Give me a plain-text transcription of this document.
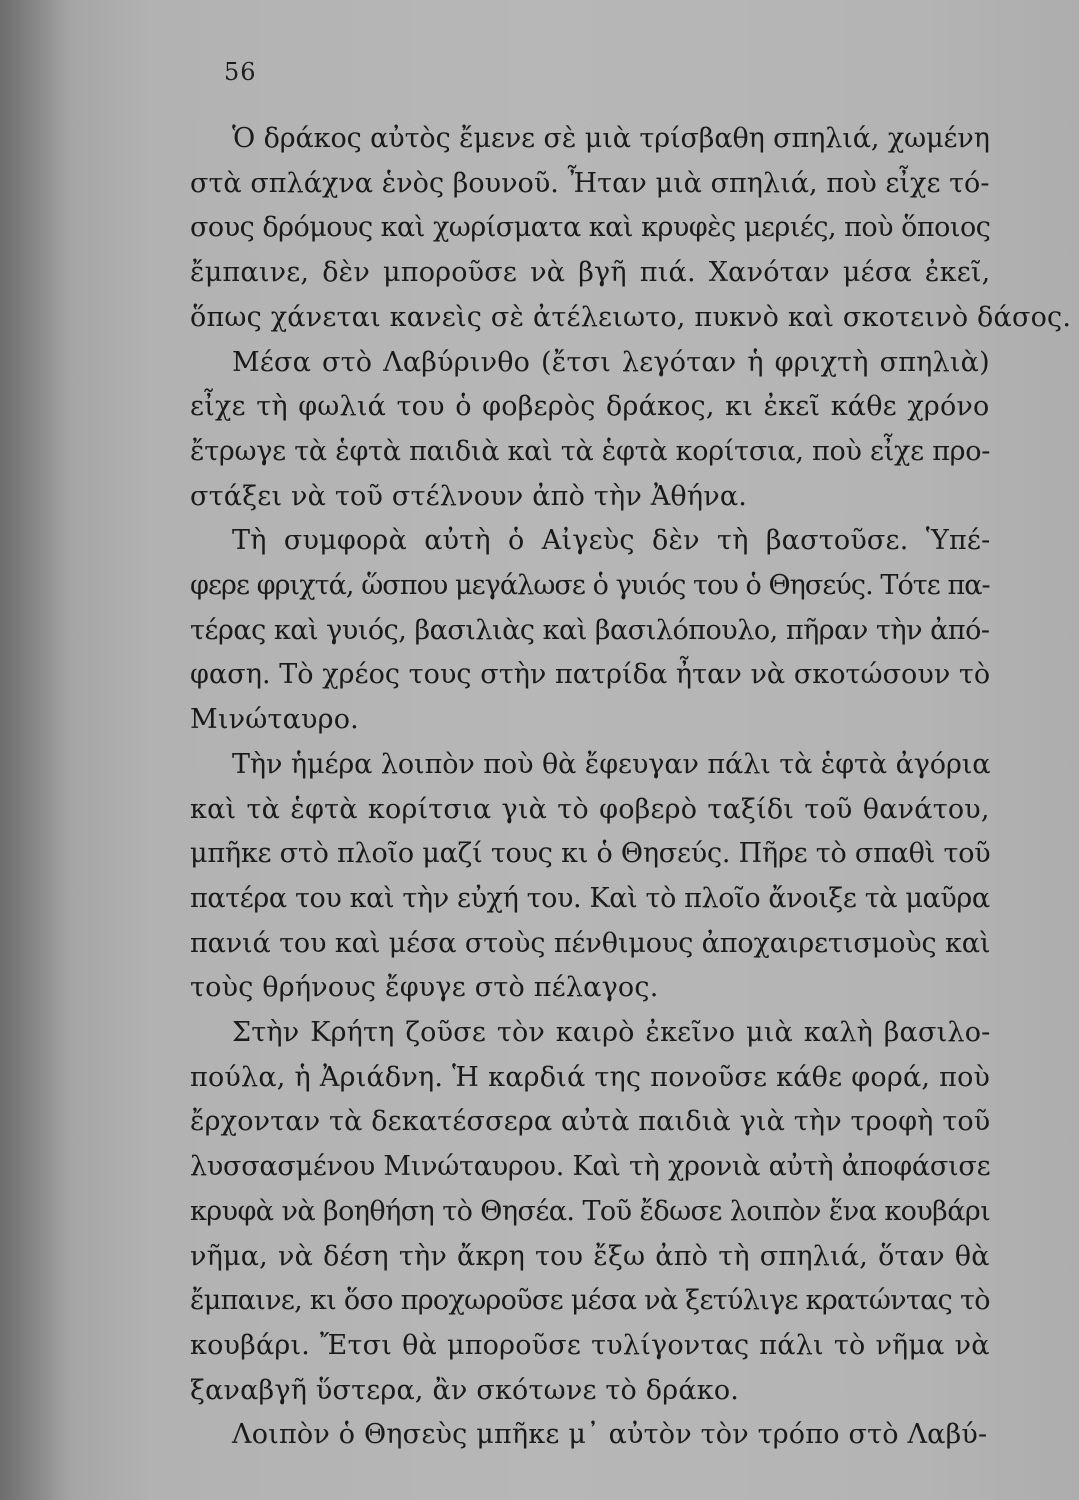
56
Ὁ δράκος αὐτὸς ἔμενε σὲ μιὰ τρίσβαθη σπηλιά, χωμένη
στὰ σπλάχνα ἑνὸς βουνοῦ. Ἦταν μιὰ σπηλιά, ποὺ εἶχε τό-
σους δρόμους καὶ χωρίσματα καὶ κρυφὲς μεριές, ποὺ ὅποιος
ἔμπαινε, δὲν μποροῦσε νὰ βγῆ πιά. Χανόταν μέσα ἐκεῖ,
ὅπως χάνεται κανεὶς σὲ ἀτέλειωτο, πυκνὸ καὶ σκοτεινὸ δάσος.
Μέσα στὸ Λαβύρινθο (ἔτσι λεγόταν ἡ φριχτὴ σπηλιὰ)
εἶχε τὴ φωλιά του ὁ φοβερὸς δράκος, κι ἐκεῖ κάθε χρόνο
ἔτρωγε τὰ ἑφτὰ παιδιὰ καὶ τὰ ἑφτὰ κορίτσια, ποὺ εἶχε προ-
στάξει νὰ τοῦ στέλνουν ἀπὸ τὴν Ἀθήνα.
Τὴ συμφορὰ αὐτὴ ὁ Αἰγεὺς δὲν τὴ βαστοῦσε. Ὑπέ-
φερε φριχτά, ὥσπου μεγάλωσε ὁ γυιός του ὁ Θησεύς. Τότε πα-
τέρας καὶ γυιός, βασιλιὰς καὶ βασιλόπουλο, πῆραν τὴν ἀπό-
φαση. Τὸ χρέος τους στὴν πατρίδα ἦταν νὰ σκοτώσουν τὸ
Μινώταυρο.
Τὴν ἡμέρα λοιπὸν ποὺ θὰ ἔφευγαν πάλι τὰ ἑφτὰ ἀγόρια
καὶ τὰ ἑφτὰ κορίτσια γιὰ τὸ φοβερὸ ταξίδι τοῦ θανάτου,
μπῆκε στὸ πλοῖο μαζί τους κι ὁ Θησεύς. Πῆρε τὸ σπαθὶ τοῦ
πατέρα του καὶ τὴν εὐχή του. Καὶ τὸ πλοῖο ἄνοιξε τὰ μαῦρα
πανιά του καὶ μέσα στοὺς πένθιμους ἀποχαιρετισμοὺς καὶ
τοὺς θρήνους ἔφυγε στὸ πέλαγος.
Στὴν Κρήτη ζοῦσε τὸν καιρὸ ἐκεῖνο μιὰ καλὴ βασιλο-
πούλα, ἡ Ἀριάδνη. Ἡ καρδιά της πονοῦσε κάθε φορά, ποὺ
ἔρχονταν τὰ δεκατέσσερα αὐτὰ παιδιὰ γιὰ τὴν τροφὴ τοῦ
λυσσασμένου Μινώταυρου. Καὶ τὴ χρονιὰ αὐτὴ ἀποφάσισε
κρυφὰ νὰ βοηθήση τὸ Θησέα. Τοῦ ἔδωσε λοιπὸν ἕνα κουβάρι
νῆμα, νὰ δέση τὴν ἄκρη του ἔξω ἀπὸ τὴ σπηλιά, ὅταν θὰ
ἔμπαινε, κι ὅσο προχωροῦσε μέσα νὰ ξετύλιγε κρατώντας τὸ
κουβάρι. Ἔτσι θὰ μποροῦσε τυλίγοντας πάλι τὸ νῆμα νὰ
ξαναβγῆ ὕστερα, ἂν σκότωνε τὸ δράκο.
Λοιπὸν ὁ Θησεὺς μπῆκε μ᾽ αὐτὸν τὸν τρόπο στὸ Λαβύ-
